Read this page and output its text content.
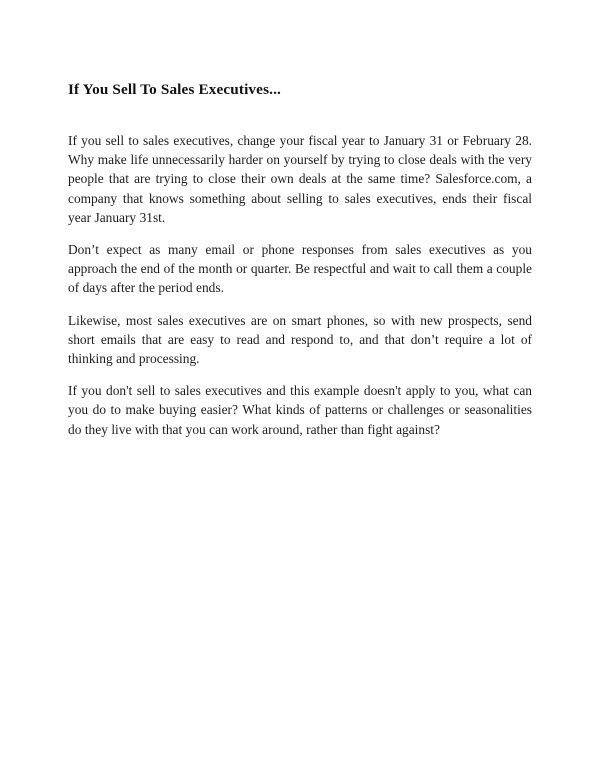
If You Sell To Sales Executives...

If you sell to sales executives, change your fiscal year to January 31 or February 28. Why make life unnecessarily harder on yourself by trying to close deals with the very people that are trying to close their own deals at the same time? Salesforce.com, a company that knows something about selling to sales executives, ends their fiscal year January 31st.

Don’t expect as many email or phone responses from sales executives as you approach the end of the month or quarter. Be respectful and wait to call them a couple of days after the period ends.

Likewise, most sales executives are on smart phones, so with new prospects, send short emails that are easy to read and respond to, and that don’t require a lot of thinking and processing.

If you don't sell to sales executives and this example doesn't apply to you, what can you do to make buying easier? What kinds of patterns or challenges or seasonalities do they live with that you can work around, rather than fight against?
